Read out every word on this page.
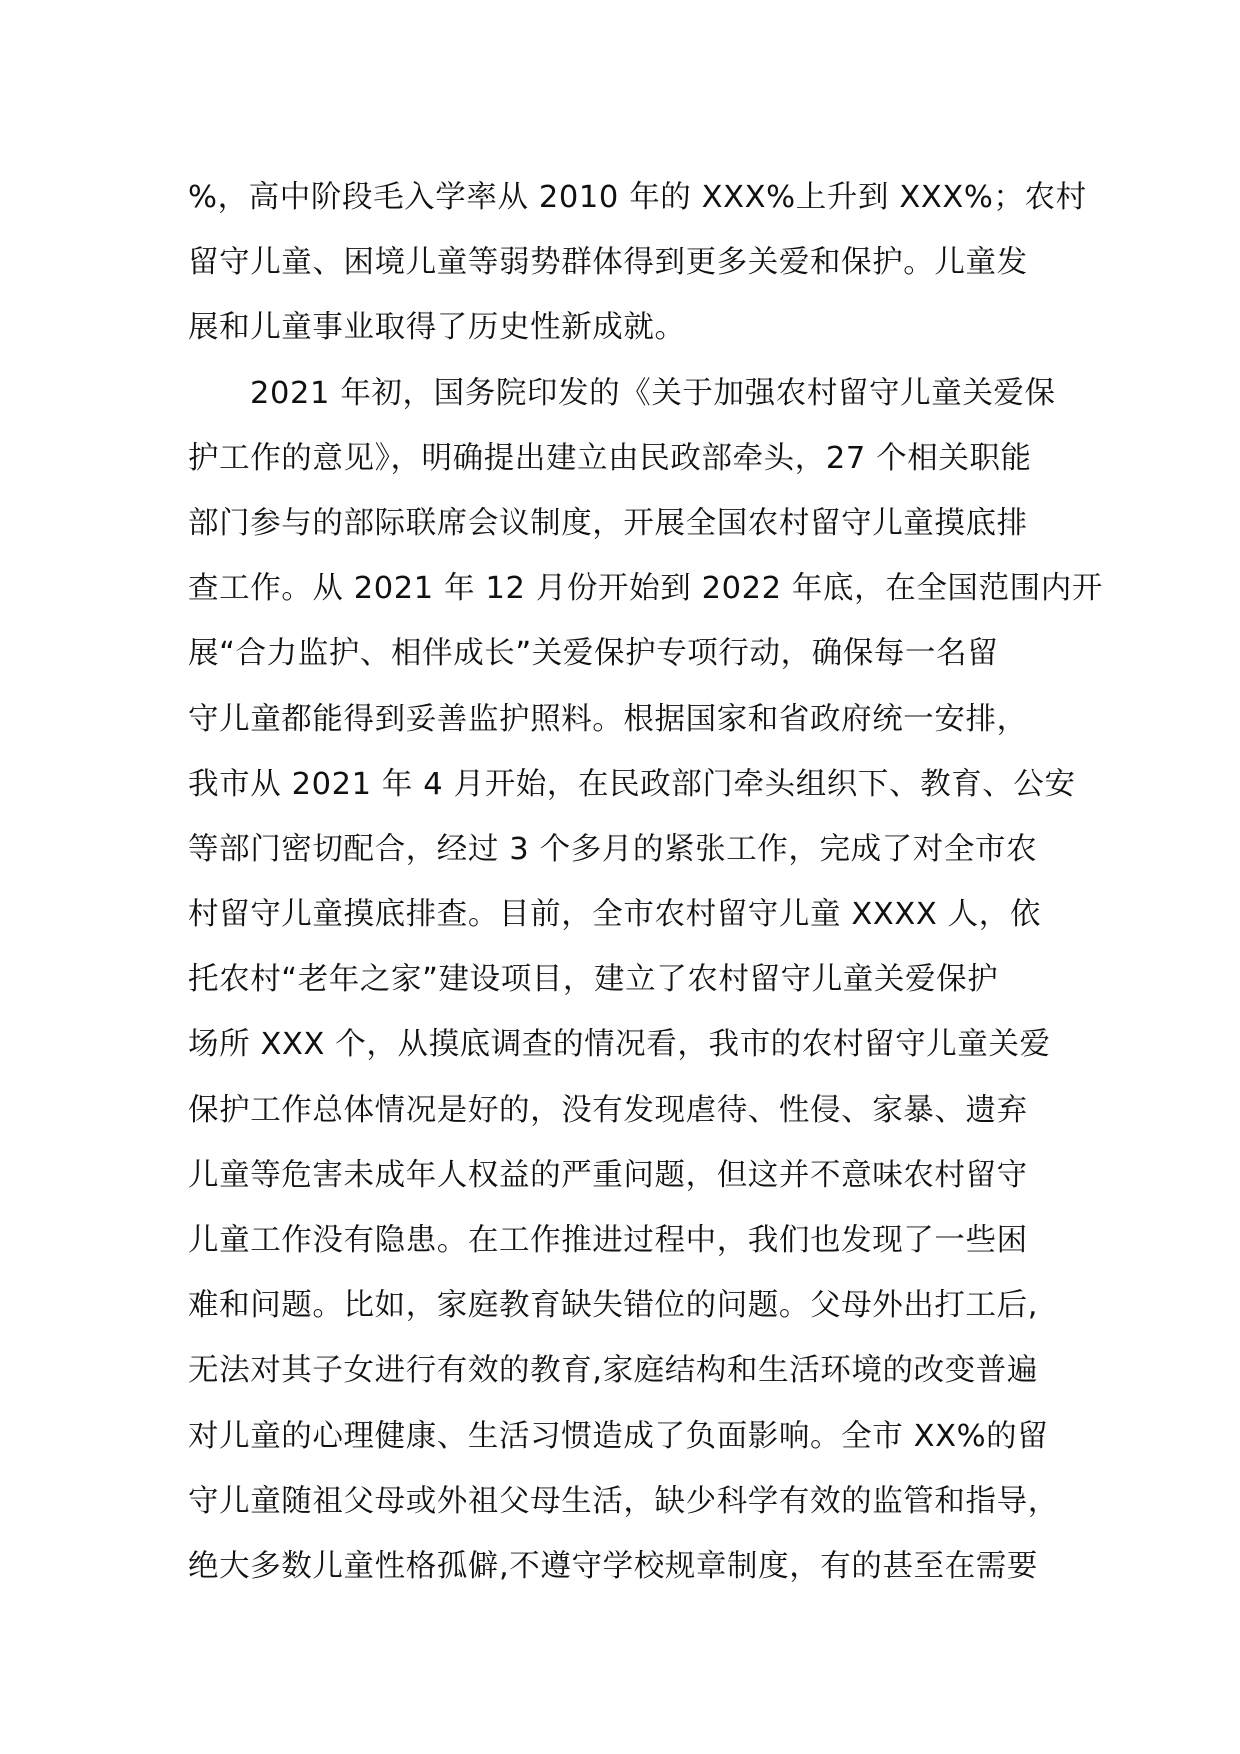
%，高中阶段毛入学率从 2010 年的 XXX%上升到 XXX%；农村
留守儿童、困境儿童等弱势群体得到更多关爱和保护。儿童发
展和儿童事业取得了历史性新成就。
2021 年初，国务院印发的《关于加强农村留守儿童关爱保
护工作的意见》，明确提出建立由民政部牵头，27 个相关职能
部门参与的部际联席会议制度，开展全国农村留守儿童摸底排
查工作。从 2021 年 12 月份开始到 2022 年底，在全国范围内开
展“合力监护、相伴成长”关爱保护专项行动，确保每一名留
守儿童都能得到妥善监护照料。根据国家和省政府统一安排，
我市从 2021 年 4 月开始，在民政部门牵头组织下、教育、公安
等部门密切配合，经过 3 个多月的紧张工作，完成了对全市农
村留守儿童摸底排查。目前，全市农村留守儿童 XXXX 人，依
托农村“老年之家”建设项目，建立了农村留守儿童关爱保护
场所 XXX 个，从摸底调查的情况看，我市的农村留守儿童关爱
保护工作总体情况是好的，没有发现虐待、性侵、家暴、遗弃
儿童等危害未成年人权益的严重问题，但这并不意味农村留守
儿童工作没有隐患。在工作推进过程中，我们也发现了一些困
难和问题。比如，家庭教育缺失错位的问题。父母外出打工后,
无法对其子女进行有效的教育,家庭结构和生活环境的改变普遍
对儿童的心理健康、生活习惯造成了负面影响。全市 XX%的留
守儿童随祖父母或外祖父母生活，缺少科学有效的监管和指导，
绝大多数儿童性格孤僻,不遵守学校规章制度，有的甚至在需要
